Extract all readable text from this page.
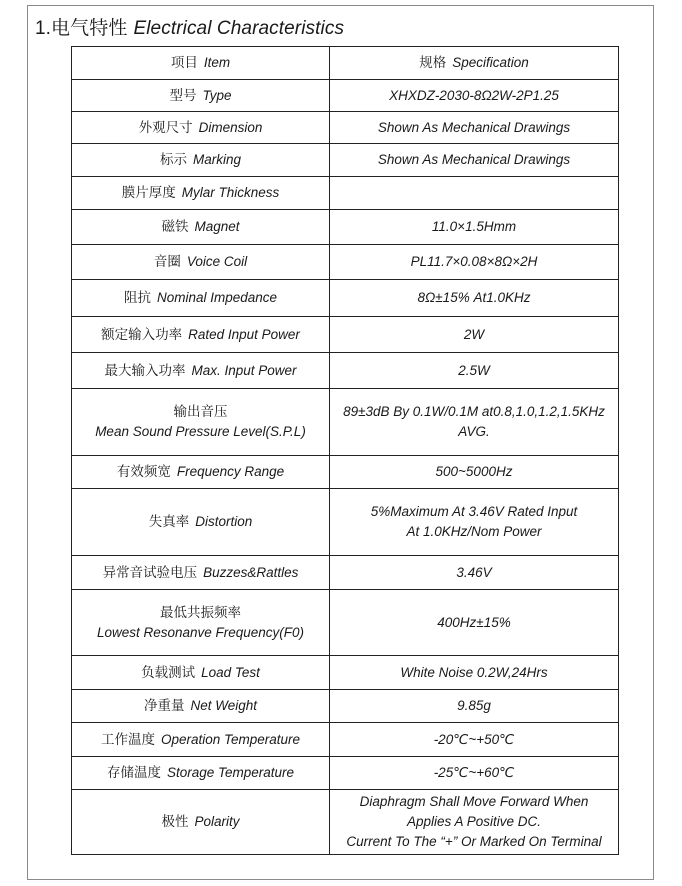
1.电气特性 Electrical Characteristics
项目 Item	规格 Specification
型号 Type	XHXDZ-2030-8Ω2W-2P1.25
外观尺寸 Dimension	Shown As Mechanical Drawings
标示 Marking	Shown As Mechanical Drawings
膜片厚度 Mylar Thickness	
磁铁 Magnet	11.0×1.5Hmm
音圈 Voice Coil	PL11.7×0.08×8Ω×2H
阻抗 Nominal Impedance	8Ω±15% At1.0KHz
额定输入功率 Rated Input Power	2W
最大输入功率 Max. Input Power	2.5W
输出音压
Mean Sound Pressure Level(S.P.L)	89±3dB By 0.1W/0.1M at0.8,1.0,1.2,1.5KHz
AVG.
有效频宽 Frequency Range	500~5000Hz
失真率 Distortion	5%Maximum At 3.46V Rated Input
At 1.0KHz/Nom Power
异常音试验电压 Buzzes&Rattles	3.46V
最低共振频率
Lowest Resonanve Frequency(F0)	400Hz±15%
负载测试 Load Test	White Noise 0.2W,24Hrs
净重量 Net Weight	9.85g
工作温度 Operation Temperature	-20℃~+50℃
存储温度 Storage Temperature	-25℃~+60℃
极性 Polarity	Diaphragm Shall Move Forward When
Applies A Positive DC.
Current To The “+” Or Marked On Terminal
